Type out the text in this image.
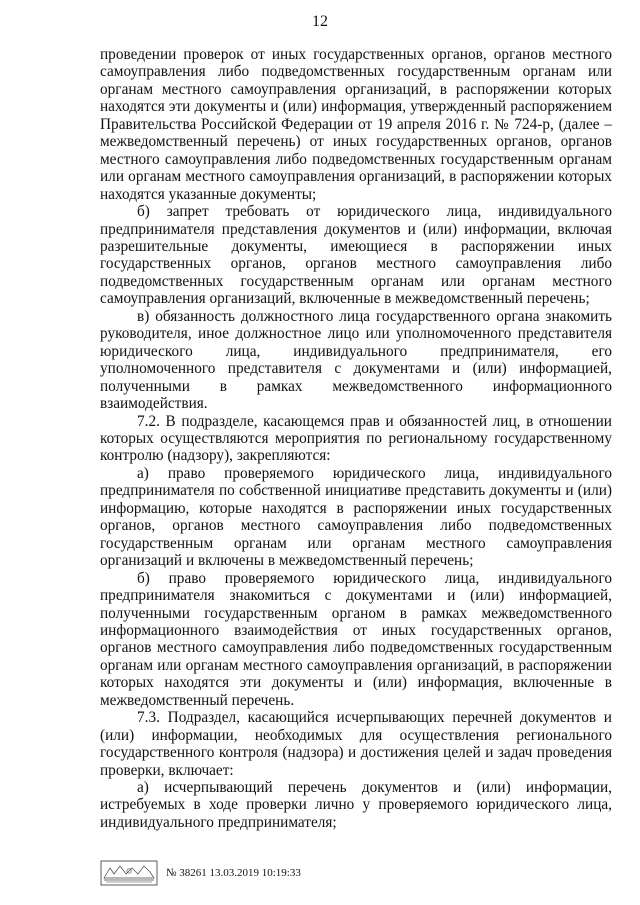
12

проведении проверок от иных государственных органов, органов местного самоуправления либо подведомственных государственным органам или органам местного самоуправления организаций, в распоряжении которых находятся эти документы и (или) информация, утвержденный распоряжением Правительства Российской Федерации от 19 апреля 2016 г. № 724-р, (далее – межведомственный перечень) от иных государственных органов, органов местного самоуправления либо подведомственных государственным органам или органам местного самоуправления организаций, в распоряжении которых находятся указанные документы;

б) запрет требовать от юридического лица, индивидуального предпринимателя представления документов и (или) информации, включая разрешительные документы, имеющиеся в распоряжении иных государственных органов, органов местного самоуправления либо подведомственных государственным органам или органам местного самоуправления организаций, включенные в межведомственный перечень;

в) обязанность должностного лица государственного органа знакомить руководителя, иное должностное лицо или уполномоченного представителя юридического лица, индивидуального предпринимателя, его уполномоченного представителя с документами и (или) информацией, полученными в рамках межведомственного информационного взаимодействия.

7.2. В подразделе, касающемся прав и обязанностей лиц, в отношении которых осуществляются мероприятия по региональному государственному контролю (надзору), закрепляются:

а) право проверяемого юридического лица, индивидуального предпринимателя по собственной инициативе представить документы и (или) информацию, которые находятся в распоряжении иных государственных органов, органов местного самоуправления либо подведомственных государственным органам или органам местного самоуправления организаций и включены в межведомственный перечень;

б) право проверяемого юридического лица, индивидуального предпринимателя знакомиться с документами и (или) информацией, полученными государственным органом в рамках межведомственного информационного взаимодействия от иных государственных органов, органов местного самоуправления либо подведомственных государственным органам или органам местного самоуправления организаций, в распоряжении которых находятся эти документы и (или) информация, включенные в межведомственный перечень.

7.3. Подраздел, касающийся исчерпывающих перечней документов и (или) информации, необходимых для осуществления регионального государственного контроля (надзора) и достижения целей и задач проведения проверки, включает:

а) исчерпывающий перечень документов и (или) информации, истребуемых в ходе проверки лично у проверяемого юридического лица, индивидуального предпринимателя;

№ 38261 13.03.2019 10:19:33
